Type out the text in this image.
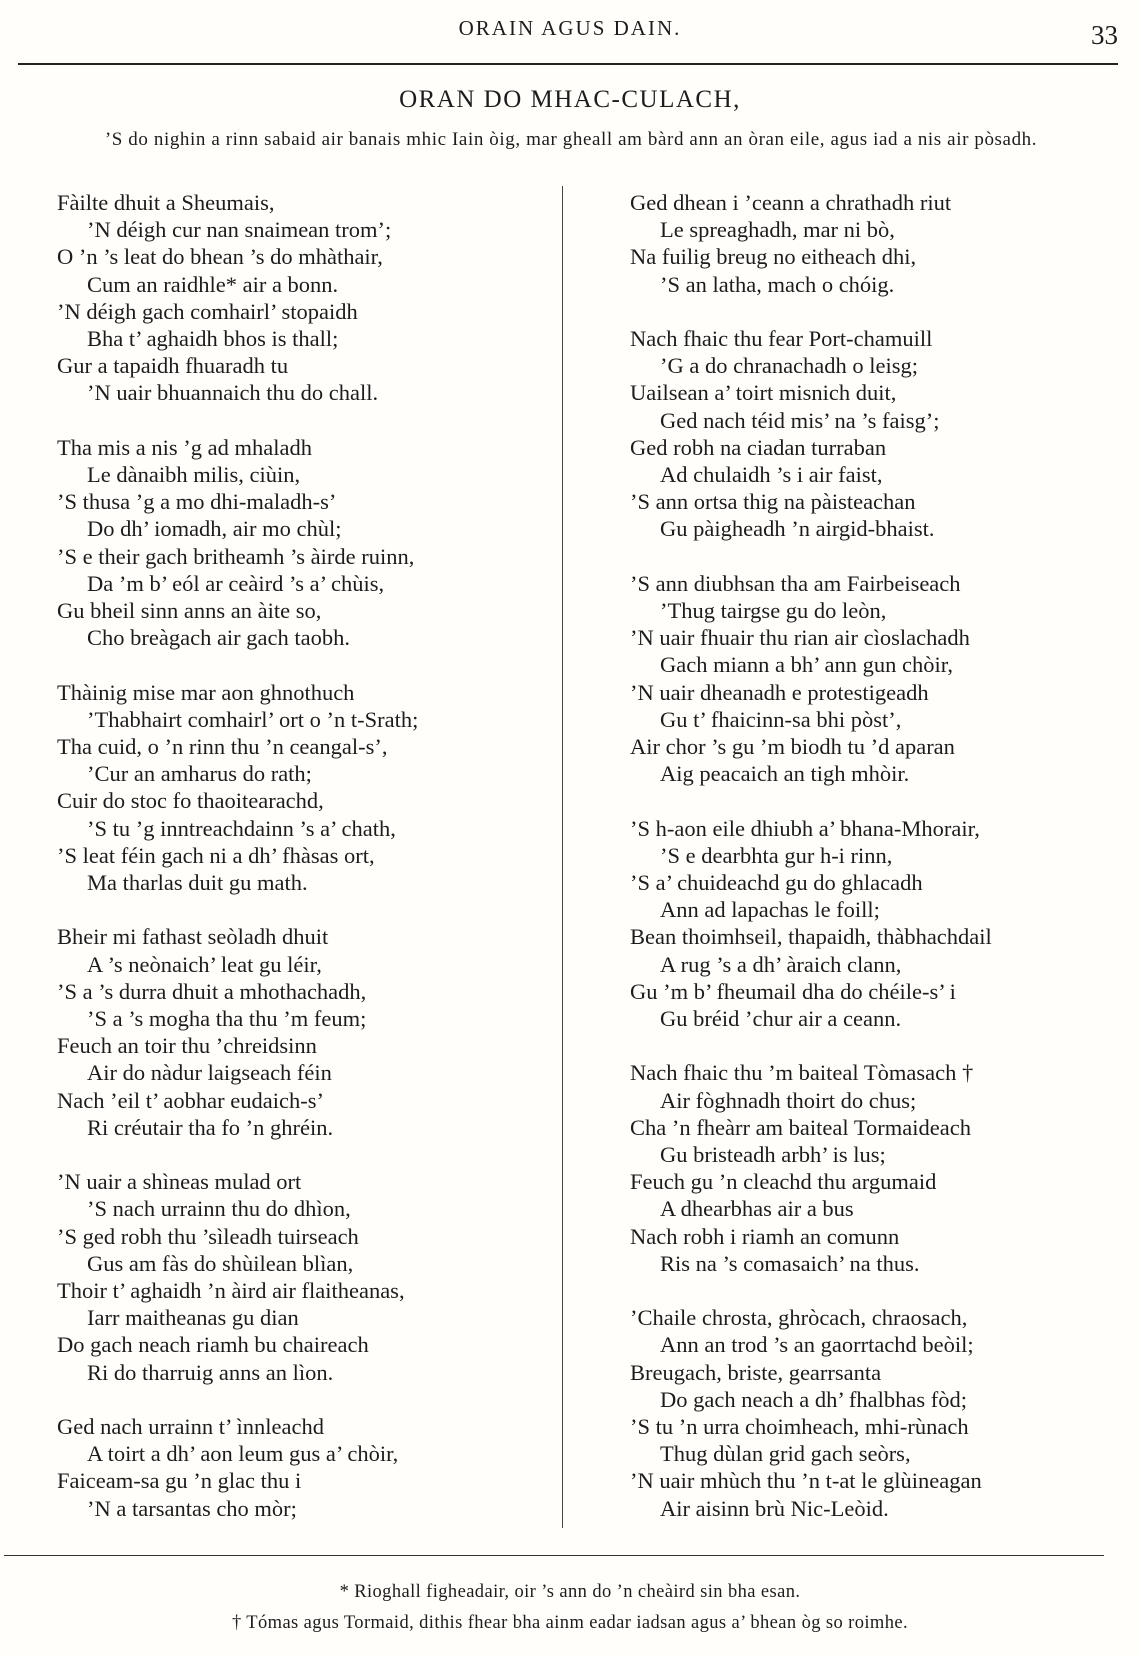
ORAIN AGUS DAIN.	33
ORAN DO MHAC-CULACH,
’S do nighin a rinn sabaid air banais mhic Iain òig, mar gheall am bàrd ann an òran eile, agus iad a nis air pòsadh.
Fàilte dhuit a Sheumais,
’N déigh cur nan snaimean trom’;
O ’n ’s leat do bhean ’s do mhàthair,
Cum an raidhle* air a bonn.
’N déigh gach comhairl’ stopaidh
Bha t’ aghaidh bhos is thall;
Gur a tapaidh fhuaradh tu
’N uair bhuannaich thu do chall.
Tha mis a nis ’g ad mhaladh
Le dànaibh milis, ciùin,
’S thusa ’g a mo dhi-maladh-s’
Do dh’ iomadh, air mo chùl;
’S e their gach britheamh ’s àirde ruinn,
Da ’m b’ eól ar ceàird ’s a’ chùis,
Gu bheil sinn anns an àite so,
Cho breàgach air gach taobh.
Thàinig mise mar aon ghnothuch
’Thabhairt comhairl’ ort o ’n t-Srath;
Tha cuid, o ’n rinn thu ’n ceangal-s’,
’Cur an amharus do rath;
Cuir do stoc fo thaoitearachd,
’S tu ’g inntreachdainn ’s a’ chath,
’S leat féin gach ni a dh’ fhàsas ort,
Ma tharlas duit gu math.
Bheir mi fathast seòladh dhuit
A ’s neònaich’ leat gu léir,
’S a ’s durra dhuit a mhothachadh,
’S a ’s mogha tha thu ’m feum;
Feuch an toir thu ’chreidsinn
Air do nàdur laigseach féin
Nach ’eil t’ aobhar eudaich-s’
Ri créutair tha fo ’n ghréin.
’N uair a shìneas mulad ort
’S nach urrainn thu do dhìon,
’S ged robh thu ’sìleadh tuirseach
Gus am fàs do shùilean blìan,
Thoir t’ aghaidh ’n àird air flaitheanas,
Iarr maitheanas gu dian
Do gach neach riamh bu chaireach
Ri do tharruig anns an lìon.
Ged nach urrainn t’ ìnnleachd
A toirt a dh’ aon leum gus a’ chòir,
Faiceam-sa gu ’n glac thu i
’N a tarsantas cho mòr;
Ged dhean i ’ceann a chrathadh riut
Le spreaghadh, mar ni bò,
Na fuilig breug no eitheach dhi,
’S an latha, mach o chóig.
Nach fhaic thu fear Port-chamuill
’G a do chranachadh o leisg;
Uailsean a’ toirt misnich duit,
Ged nach téid mis’ na ’s faisg’;
Ged robh na ciadan turraban
Ad chulaidh ’s i air faist,
’S ann ortsa thig na pàisteachan
Gu pàigheadh ’n airgid-bhaist.
’S ann diubhsan tha am Fairbeiseach
’Thug tairgse gu do leòn,
’N uair fhuair thu rian air cìoslachadh
Gach miann a bh’ ann gun chòir,
’N uair dheanadh e protestigeadh
Gu t’ fhaicinn-sa bhi pòst’,
Air chor ’s gu ’m biodh tu ’d aparan
Aig peacaich an tigh mhòir.
’S h-aon eile dhiubh a’ bhana-Mhorair,
’S e dearbhta gur h-i rinn,
’S a’ chuideachd gu do ghlacadh
Ann ad lapachas le foill;
Bean thoimhseil, thapaidh, thàbhachdail
A rug ’s a dh’ àraich clann,
Gu ’m b’ fheumail dha do chéile-s’ i
Gu bréid ’chur air a ceann.
Nach fhaic thu ’m baiteal Tòmasach †
Air fòghnadh thoirt do chus;
Cha ’n fheàrr am baiteal Tormaideach
Gu bristeadh arbh’ is lus;
Feuch gu ’n cleachd thu argumaid
A dhearbhas air a bus
Nach robh i riamh an comunn
Ris na ’s comasaich’ na thus.
’Chaile chrosta, ghròcach, chraosach,
Ann an trod ’s an gaorrtachd beòil;
Breugach, briste, gearrsanta
Do gach neach a dh’ fhalbhas fòd;
’S tu ’n urra choimheach, mhi-rùnach
Thug dùlan grid gach seòrs,
’N uair mhùch thu ’n t-at le glùineagan
Air aisinn brù Nic-Leòid.
* Rioghall figheadair, oir ’s ann do ’n cheàird sin bha esan.
† Tómas agus Tormaid, dithis fhear bha ainm eadar iadsan agus a’ bhean òg so roimhe.
